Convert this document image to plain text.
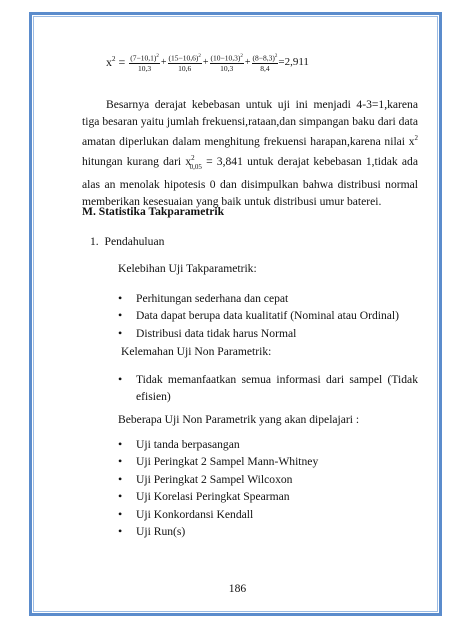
$x^2 = \frac{(7-10,1)^2}{10,3} + \frac{(15-10,6)^2}{10,6} + \frac{(10-10,3)^2}{10,3} + \frac{(8-8,3)^2}{8,4} =2,911$
Besarnya derajat kebebasan untuk uji ini menjadi 4-3=1,karena tiga besaran yaitu jumlah frekuensi,rataan,dan simpangan baku dari data amatan diperlukan dalam menghitung frekuensi harapan,karena nilai $x^2$ hitungan kurang dari $x^2_{0,05} = 3,841$ untuk derajat kebebasan 1,tidak ada alas an menolak hipotesis 0 dan disimpulkan bahwa distribusi normal memberikan kesesuaian yang baik untuk distribusi umur baterei.
M. Statistika Takparametrik
1. Pendahuluan
Kelebihan Uji Takparametrik:
• Perhitungan sederhana dan cepat
• Data dapat berupa data kualitatif (Nominal atau Ordinal)
• Distribusi data tidak harus Normal
Kelemahan Uji Non Parametrik:
• Tidak memanfaatkan semua informasi dari sampel (Tidak efisien)
Beberapa Uji Non Parametrik yang akan dipelajari :
• Uji tanda berpasangan
• Uji Peringkat 2 Sampel Mann-Whitney
• Uji Peringkat 2 Sampel Wilcoxon
• Uji Korelasi Peringkat Spearman
• Uji Konkordansi Kendall
• Uji Run(s)
186
